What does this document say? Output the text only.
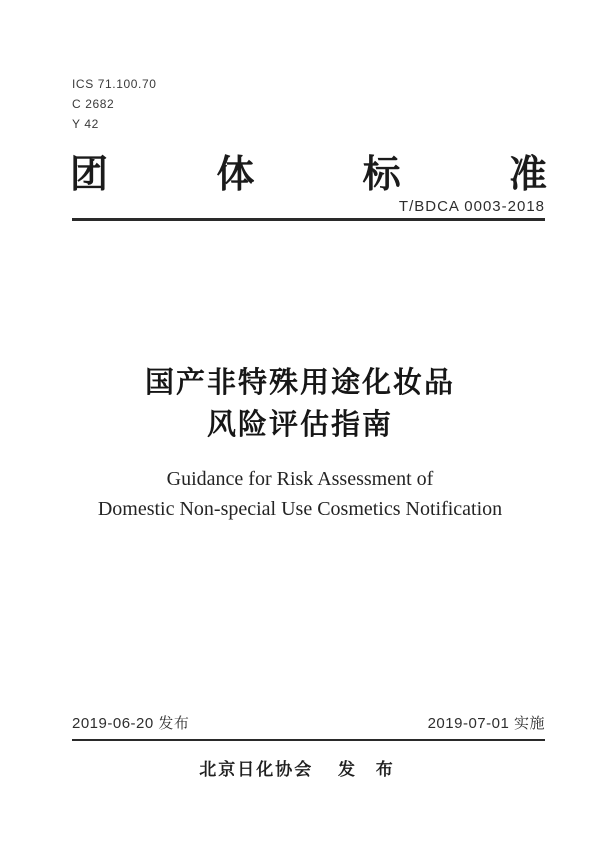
ICS 71.100.70
C 2682
Y 42
团	体	标	准
T/BDCA 0003-2018
国产非特殊用途化妆品
风险评估指南
Guidance for Risk Assessment of
Domestic Non-special Use Cosmetics Notification
2019-06-20 发布	2019-07-01 实施
北京日化协会 发 布
